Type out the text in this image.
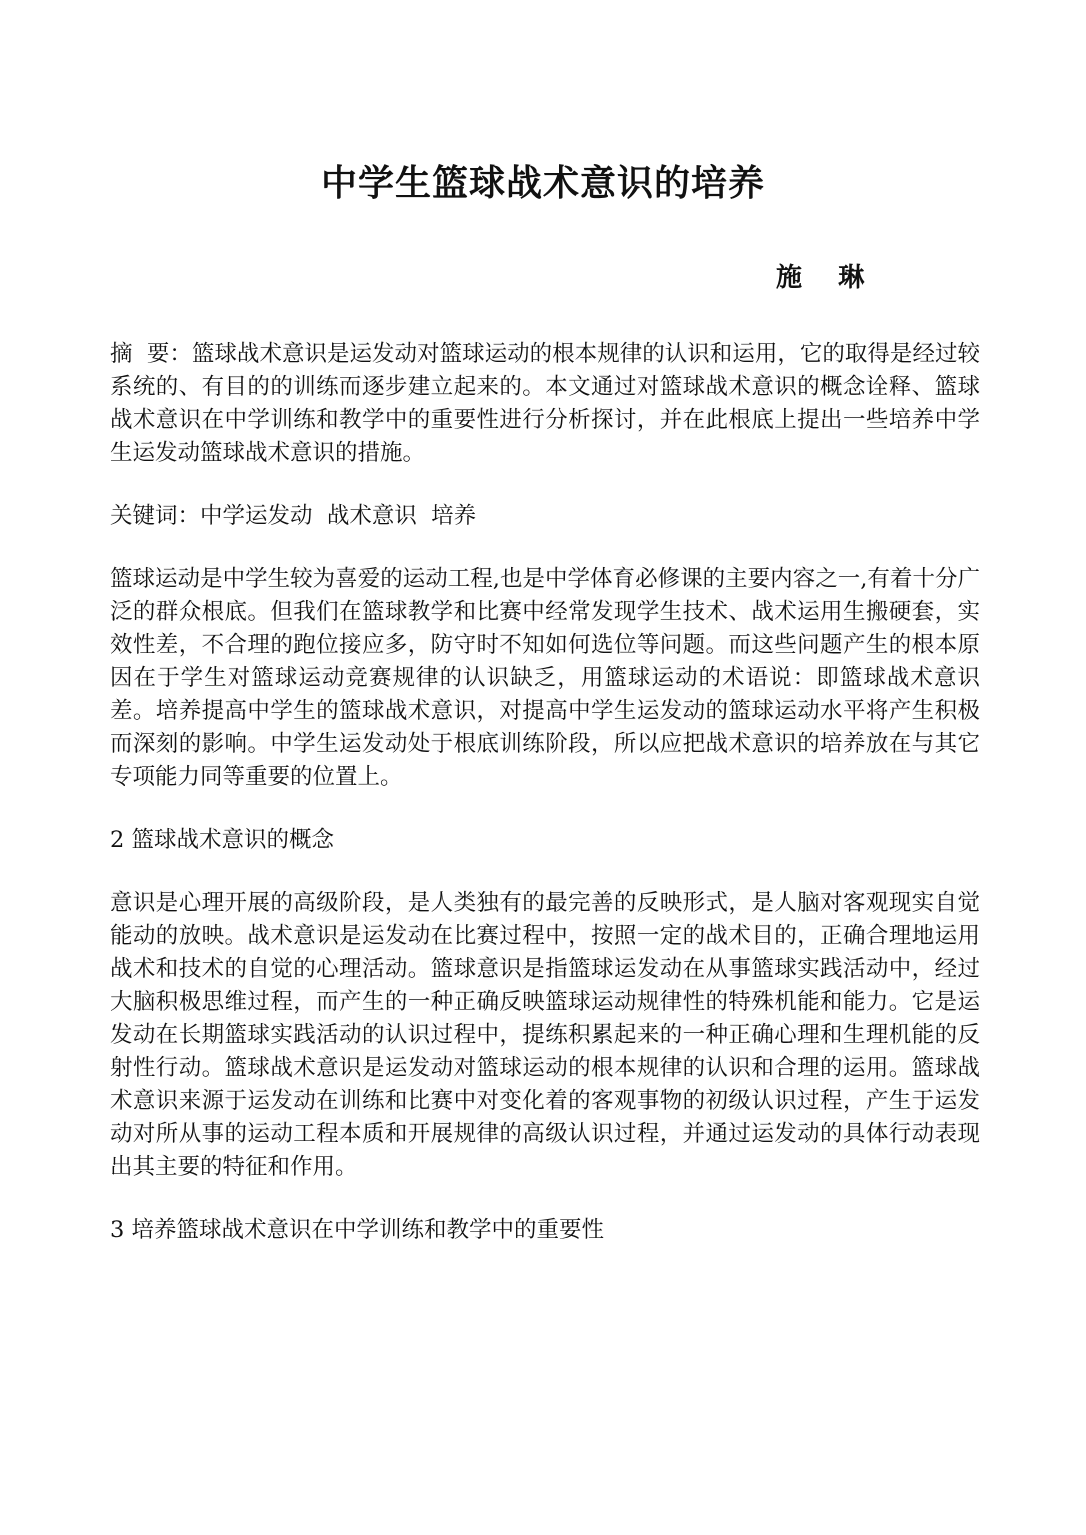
中学生篮球战术意识的培养
施    琳

摘  要：篮球战术意识是运发动对篮球运动的根本规律的认识和运用，它的取得是经过较系统的、有目的的训练而逐步建立起来的。本文通过对篮球战术意识的概念诠释、篮球战术意识在中学训练和教学中的重要性进行分析探讨，并在此根底上提出一些培养中学生运发动篮球战术意识的措施。

关键词：中学运发动  战术意识  培养

篮球运动是中学生较为喜爱的运动工程,也是中学体育必修课的主要内容之一,有着十分广泛的群众根底。但我们在篮球教学和比赛中经常发现学生技术、战术运用生搬硬套，实效性差，不合理的跑位接应多，防守时不知如何选位等问题。而这些问题产生的根本原因在于学生对篮球运动竞赛规律的认识缺乏，用篮球运动的术语说：即篮球战术意识差。培养提高中学生的篮球战术意识，对提高中学生运发动的篮球运动水平将产生积极而深刻的影响。中学生运发动处于根底训练阶段，所以应把战术意识的培养放在与其它专项能力同等重要的位置上。

2 篮球战术意识的概念

意识是心理开展的高级阶段，是人类独有的最完善的反映形式，是人脑对客观现实自觉能动的放映。战术意识是运发动在比赛过程中，按照一定的战术目的，正确合理地运用战术和技术的自觉的心理活动。篮球意识是指篮球运发动在从事篮球实践活动中，经过大脑积极思维过程，而产生的一种正确反映篮球运动规律性的特殊机能和能力。它是运发动在长期篮球实践活动的认识过程中，提练积累起来的一种正确心理和生理机能的反射性行动。篮球战术意识是运发动对篮球运动的根本规律的认识和合理的运用。篮球战术意识来源于运发动在训练和比赛中对变化着的客观事物的初级认识过程，产生于运发动对所从事的运动工程本质和开展规律的高级认识过程，并通过运发动的具体行动表现出其主要的特征和作用。

3 培养篮球战术意识在中学训练和教学中的重要性
